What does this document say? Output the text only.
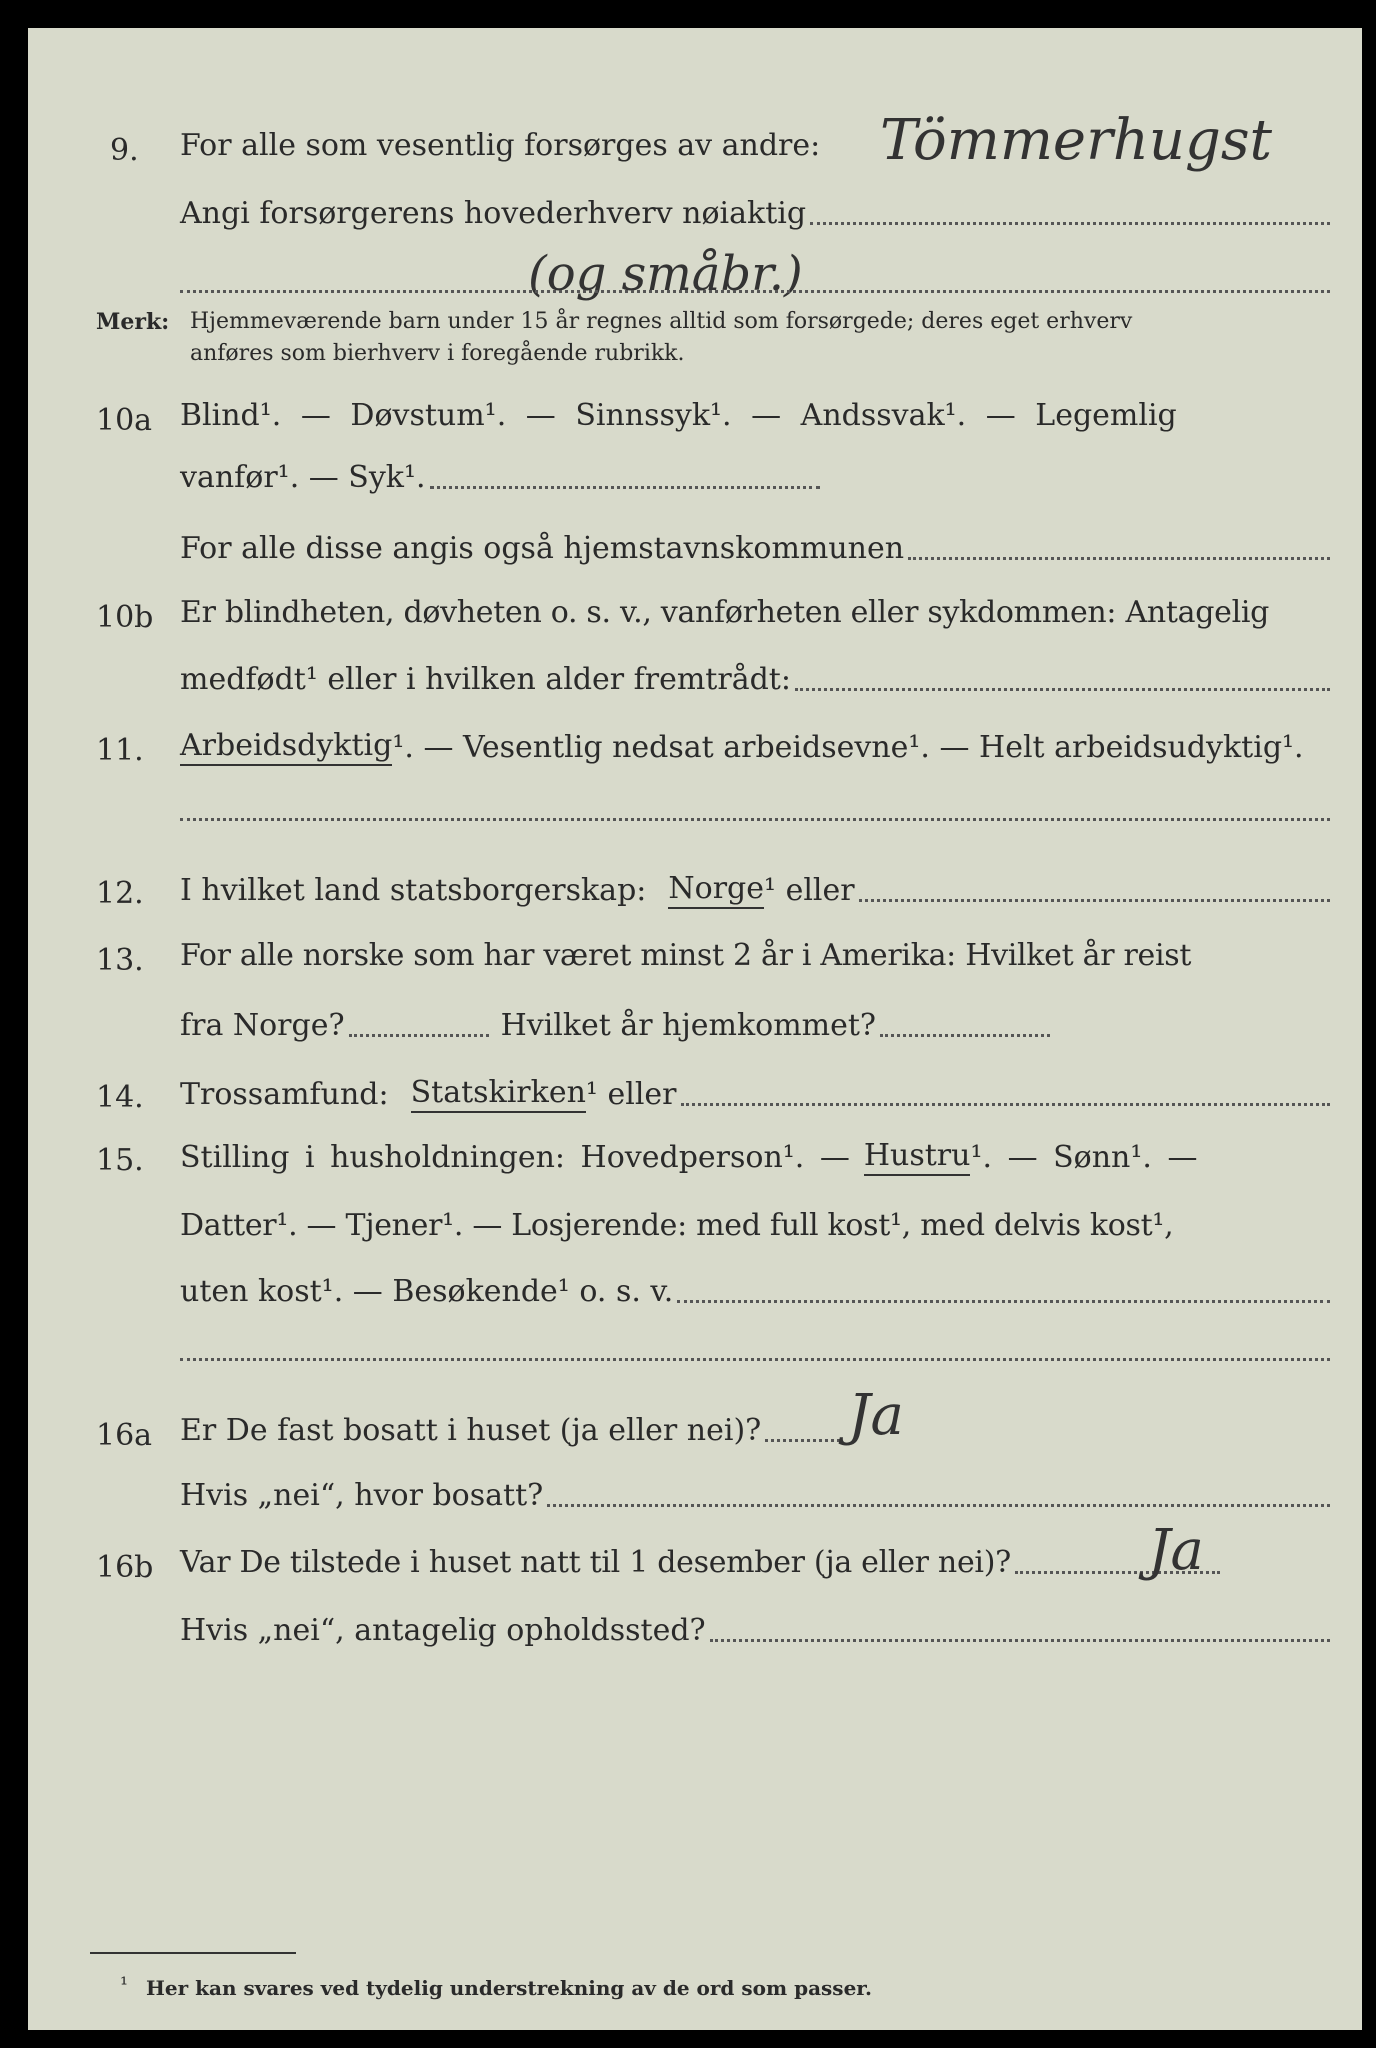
9. For alle som vesentlig forsørges av andre: Tömmerhugst
Angi forsørgerens hovederhverv nøiaktig
(og småbr.)
Merk: Hjemmeværende barn under 15 år regnes alltid som forsørgede; deres eget erhverv
anføres som bierhverv i foregående rubrikk.
10a Blind¹. — Døvstum¹. — Sinnssyk¹. — Andssvak¹. — Legemlig
vanfør¹. — Syk¹.
For alle disse angis også hjemstavnskommunen
10b Er blindheten, døvheten o. s. v., vanførheten eller sykdommen: Antagelig
medfødt¹ eller i hvilken alder fremtrådt:
11. Arbeidsdyktig ¹. — Vesentlig nedsat arbeidsevne¹. — Helt arbeidsudyktig¹.
12. I hvilket land statsborgerskap: Norge ¹ eller
13. For alle norske som har været minst 2 år i Amerika: Hvilket år reist
fra Norge?	Hvilket år hjemkommet?
14. Trossamfund: Statskirken ¹ eller
15. Stilling i husholdningen: Hovedperson¹. — Hustru ¹. — Sønn¹. —
Datter¹. — Tjener¹. — Losjerende: med full kost¹, med delvis kost¹,
uten kost¹. — Besøkende¹ o. s. v.
16a Er De fast bosatt i huset (ja eller nei)? Ja
Hvis „nei“, hvor bosatt?
16b Var De tilstede i huset natt til 1 desember (ja eller nei)? Ja
Hvis „nei“, antagelig opholdssted?
¹ Her kan svares ved tydelig understrekning av de ord som passer.
